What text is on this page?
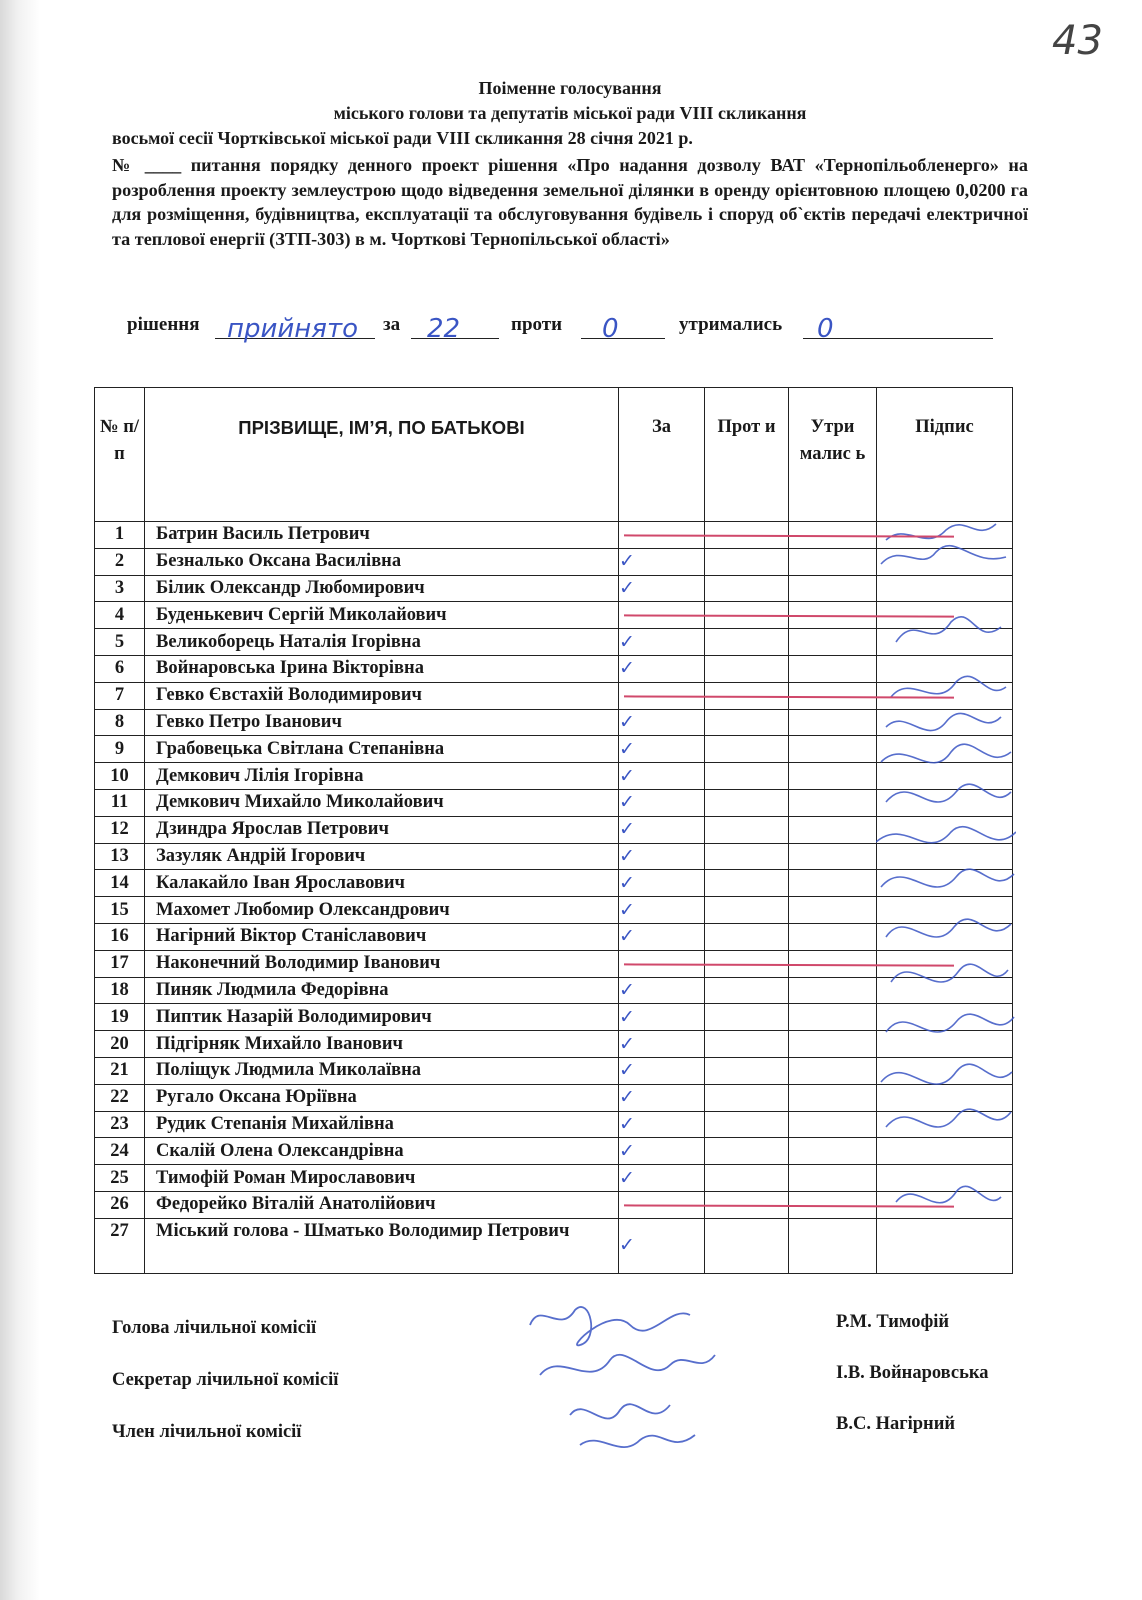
43
Поіменне голосування
міського голови та депутатів міської ради VIII скликання
восьмої сесії Чортківської міської ради VIII скликання 28 січня 2021 р.
№ ____ питання порядку денного проект рішення «Про надання дозволу ВАТ «Тернопільобленерго» на розроблення проекту землеустрою щодо відведення земельної ділянки в оренду орієнтовною площею 0,0200 га для розміщення, будівництва, експлуатації та обслуговування будівель і споруд об`єктів передачі електричної та теплової енергії (ЗТП-303) в м. Чорткові Тернопільської області»
рішення прийнято за 22	проти 0	утримались 0
№ п/п	ПРІЗВИЩЕ, ІМ’Я, ПО БАТЬКОВІ	За	Прот и	Утри малис ь	Підпис
1	Батрин Василь Петрович				
2	Безналько Оксана Василівна	✓			
3	Білик Олександр Любомирович	✓			
4	Буденькевич Сергій Миколайович				
5	Великоборець Наталія Ігорівна	✓			
6	Войнаровська Ірина Вікторівна	✓			
7	Гевко Євстахій Володимирович				
8	Гевко Петро Іванович	✓			
9	Грабовецька Світлана Степанівна	✓			
10	Демкович Лілія Ігорівна	✓			
11	Демкович Михайло Миколайович	✓			
12	Дзиндра Ярослав Петрович	✓			
13	Зазуляк Андрій Ігорович	✓			
14	Калакайло Іван Ярославович	✓			
15	Махомет Любомир Олександрович	✓			
16	Нагірний Віктор Станіславович	✓			
17	Наконечний Володимир Іванович				
18	Пиняк Людмила Федорівна	✓			
19	Пиптик Назарій Володимирович	✓			
20	Підгірняк Михайло Іванович	✓			
21	Поліщук Людмила Миколаївна	✓			
22	Ругало Оксана Юріївна	✓			
23	Рудик Степанія Михайлівна	✓			
24	Скалій Олена Олександрівна	✓			
25	Тимофій Роман Мирославович	✓			
26	Федорейко Віталій Анатолійович				
27	Міський голова - Шматько Володимир Петрович	✓			
Голова лічильної комісії	Р.М. Тимофій
Секретар лічильної комісії	І.В. Войнаровська
Член лічильної комісії	В.С. Нагірний
